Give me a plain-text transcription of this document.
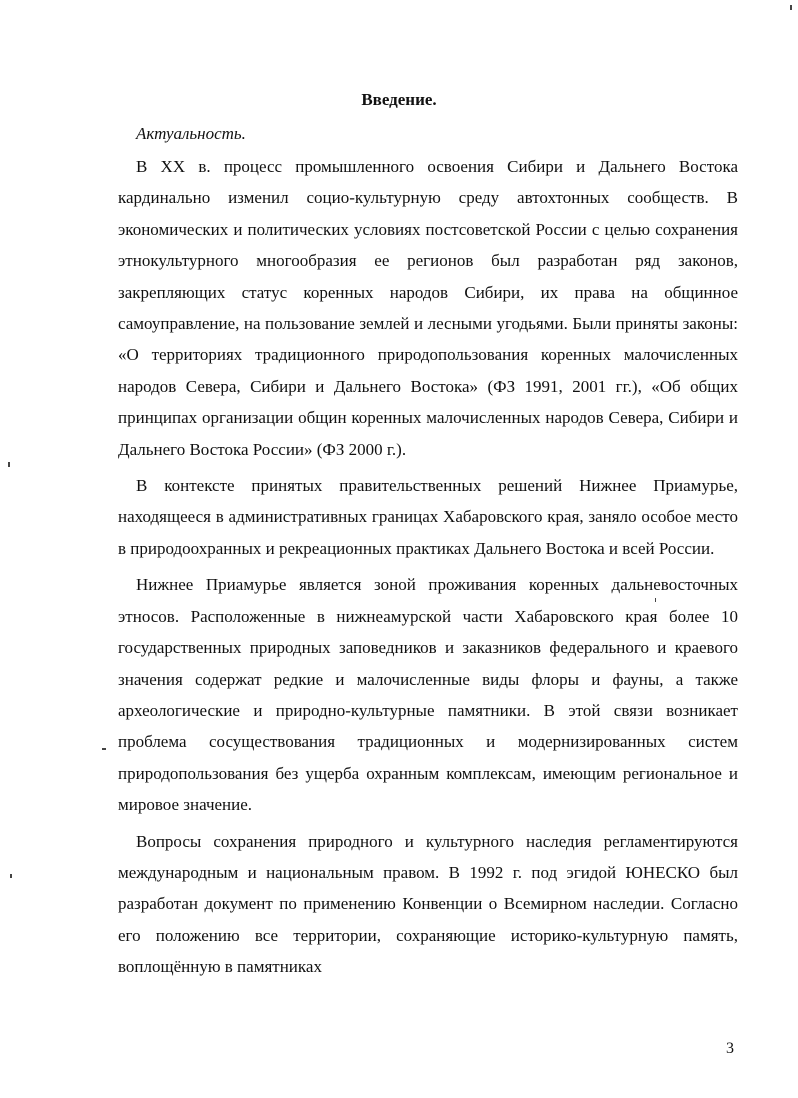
Введение.
Актуальность.

В XX в. процесс промышленного освоения Сибири и Дальнего Востока кардинально изменил социо-культурную среду автохтонных сообществ. В экономических и политических условиях постсоветской России с целью сохранения этнокультурного многообразия ее регионов был разработан ряд законов, закрепляющих статус коренных народов Сибири, их права на общинное самоуправление, на пользование землей и лесными угодьями. Были приняты законы: «О территориях традиционного природопользования коренных малочисленных народов Севера, Сибири и Дальнего Востока» (ФЗ 1991, 2001 гг.), «Об общих принципах организации общин коренных малочисленных народов Севера, Сибири и Дальнего Востока России» (ФЗ 2000 г.).

В контексте принятых правительственных решений Нижнее Приамурье, находящееся в административных границах Хабаровского края, заняло особое место в природоохранных и рекреационных практиках Дальнего Востока и всей России.

Нижнее Приамурье является зоной проживания коренных дальневосточных этносов. Расположенные в нижнеамурской части Хабаровского края более 10 государственных природных заповедников и заказников федерального и краевого значения содержат редкие и малочисленные виды флоры и фауны, а также археологические и природно-культурные памятники. В этой связи возникает проблема сосуществования традиционных и модернизированных систем природопользования без ущерба охранным комплексам, имеющим региональное и мировое значение.

Вопросы сохранения природного и культурного наследия регламентируются международным и национальным правом. В 1992 г. под эгидой ЮНЕСКО был разработан документ по применению Конвенции о Всемирном наследии. Согласно его положению все территории, сохраняющие историко-культурную память, воплощённую в памятниках

3
